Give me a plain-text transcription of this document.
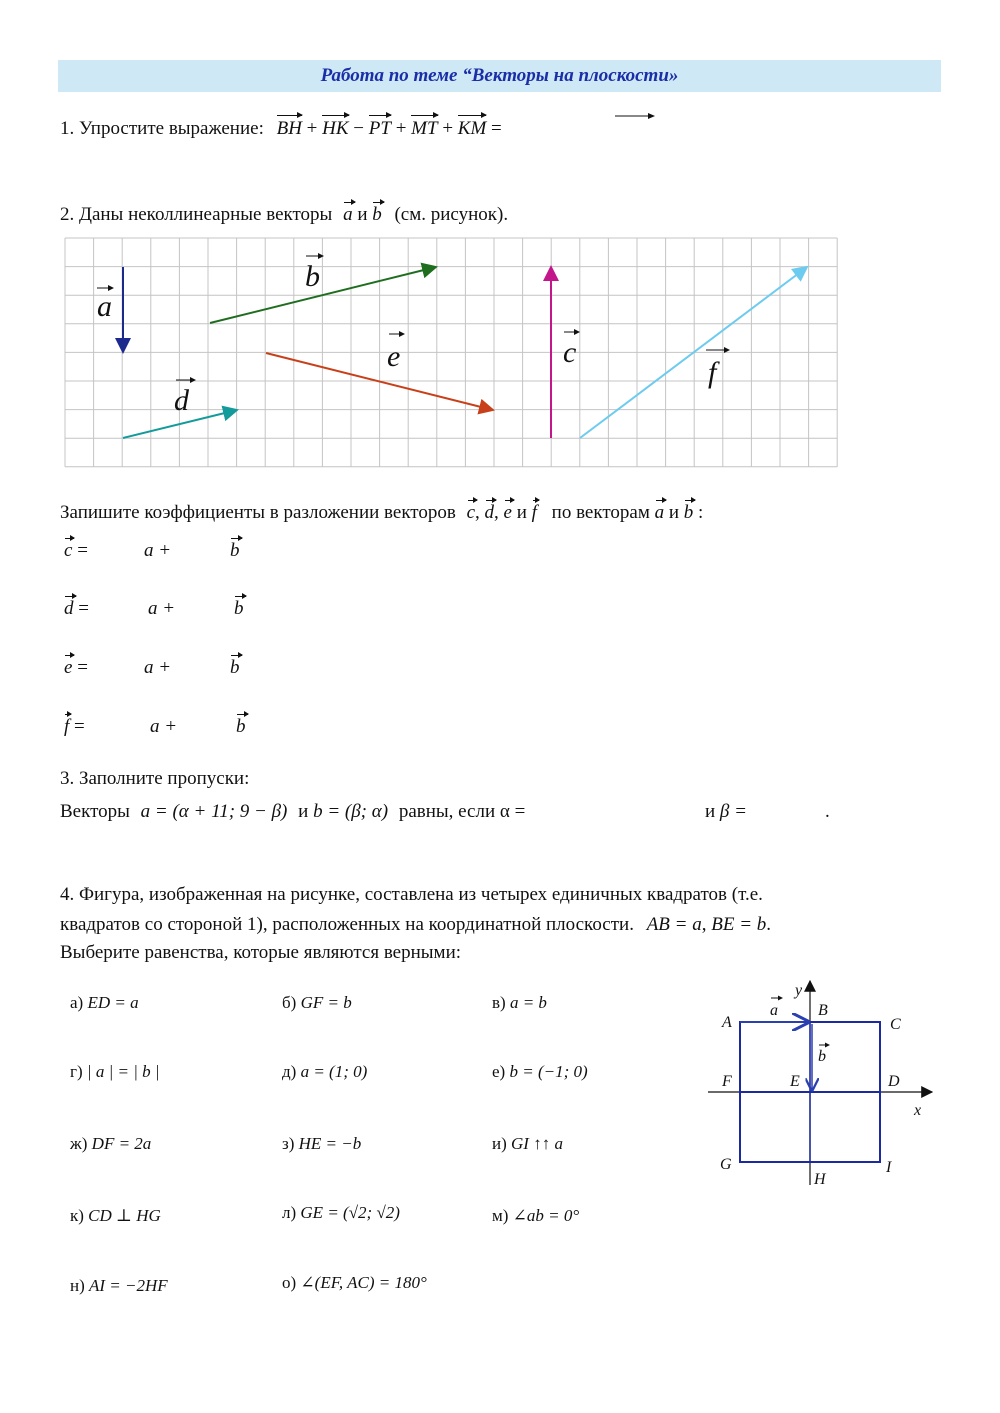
Работа по теме “Векторы на плоскости»
1. Упростите выражение: BH + HK − PT + MT + KM =
2. Даны неколлинеарные векторы a и b (см. рисунок).
a
b
e	c
f
d
Запишите коэффициенты в разложении векторов c, d, e и f по векторам a и b :
c =	a +	b
d =	a +	b
e =	a +	b
f =	a +	b
3. Заполните пропуски:
Векторы a = (α + 11; 9 − β) и b = (β; α) равны, если α =	и β =	.
4. Фигура, изображенная на рисунке, составлена из четырех единичных квадратов (т.е.
квадратов со стороной 1), расположенных на координатной плоскости. AB = a, BE = b.
Выберите равенства, которые являются верными:
а) ED = a	б) GF = b	в) a = b
г) | a | = | b |	д) a = (1; 0)	е) b = (−1; 0)
ж) DF = 2a	з) HE = −b	и) GI ↑↑ a
к) CD ⊥ HG	л) GE = (√2; √2)	м) ∠ab = 0°
н) AI = −2HF	о) ∠(EF, AC) = 180°
y
x
A
B
C
D
E
F
G
H
I
a
b
